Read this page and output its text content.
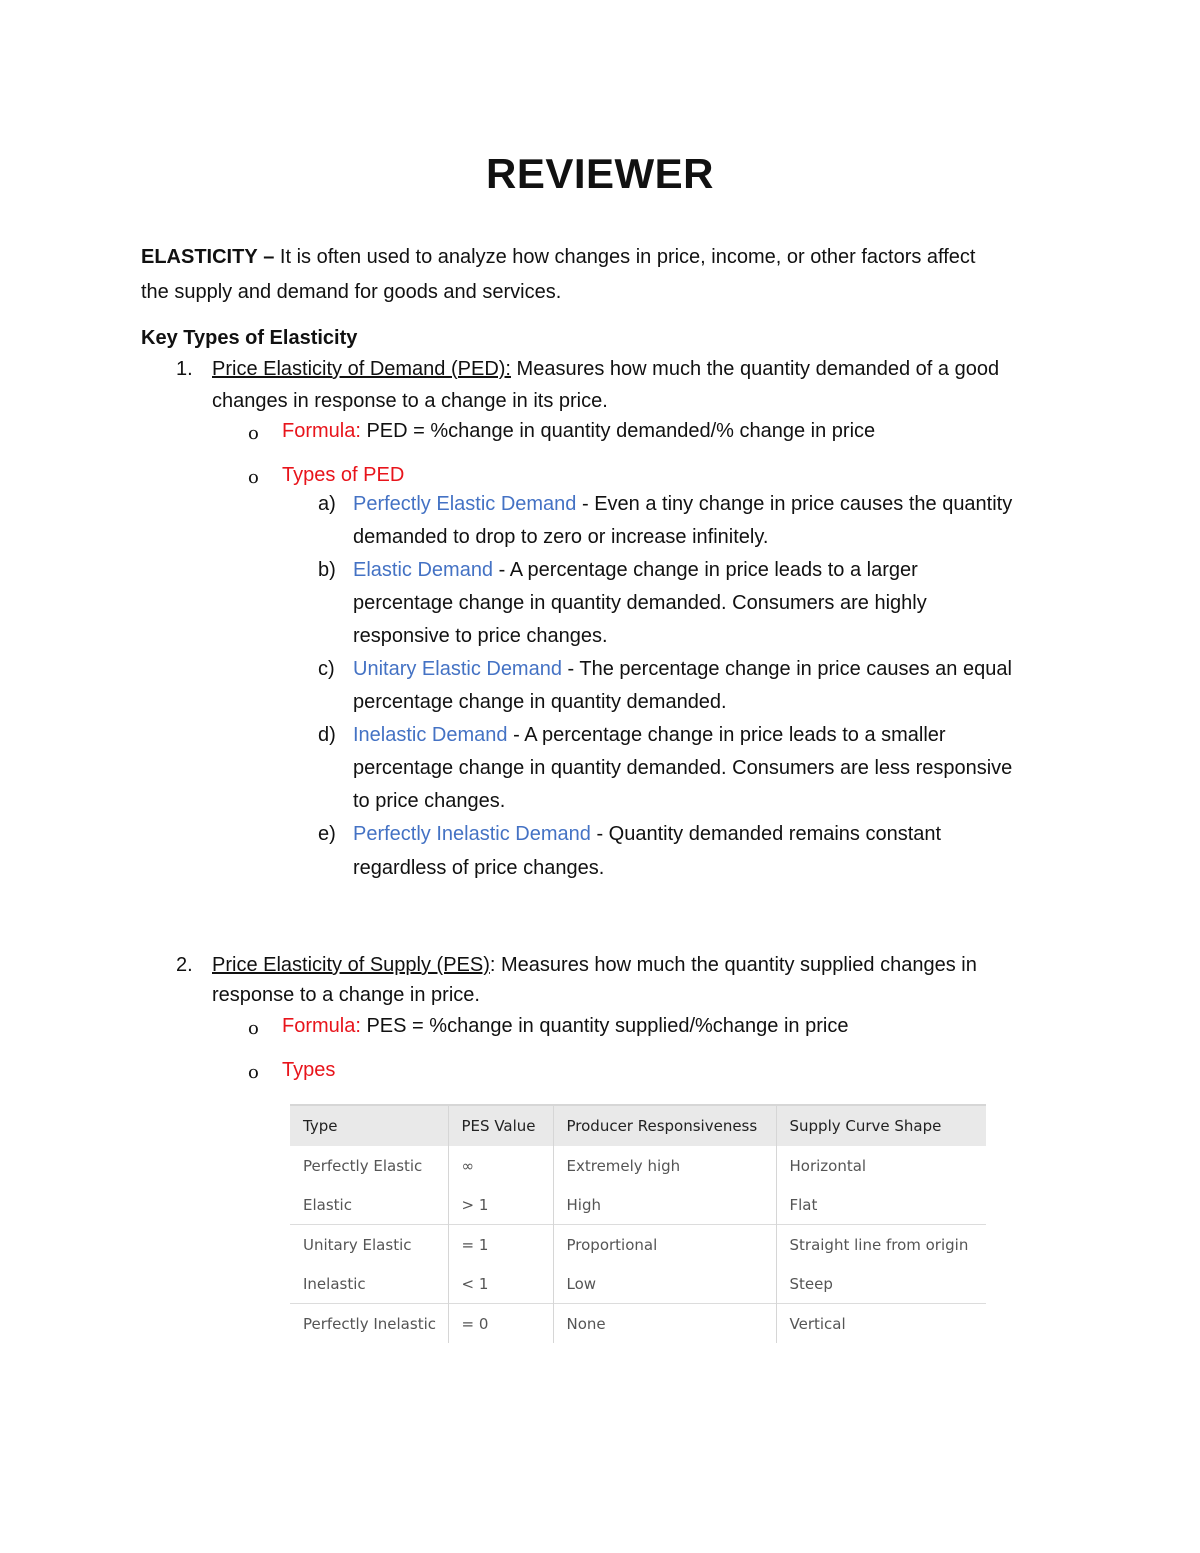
REVIEWER
ELASTICITY – It is often used to analyze how changes in price, income, or other factors affect
the supply and demand for goods and services.
Key Types of Elasticity
1. Price Elasticity of Demand (PED): Measures how much the quantity demanded of a good
changes in response to a change in its price.
o Formula: PED = %change in quantity demanded/% change in price
o Types of PED
a) Perfectly Elastic Demand - Even a tiny change in price causes the quantity
demanded to drop to zero or increase infinitely.
b) Elastic Demand - A percentage change in price leads to a larger
percentage change in quantity demanded. Consumers are highly
responsive to price changes.
c) Unitary Elastic Demand - The percentage change in price causes an equal
percentage change in quantity demanded.
d) Inelastic Demand - A percentage change in price leads to a smaller
percentage change in quantity demanded. Consumers are less responsive
to price changes.
e) Perfectly Inelastic Demand - Quantity demanded remains constant
regardless of price changes.
2. Price Elasticity of Supply (PES): Measures how much the quantity supplied changes in
response to a change in price.
o Formula: PES = %change in quantity supplied/%change in price
o Types
Type	PES Value	Producer Responsiveness	Supply Curve Shape
Perfectly Elastic	∞	Extremely high	Horizontal
Elastic	> 1	High	Flat
Unitary Elastic	= 1	Proportional	Straight line from origin
Inelastic	< 1	Low	Steep
Perfectly Inelastic	= 0	None	Vertical
